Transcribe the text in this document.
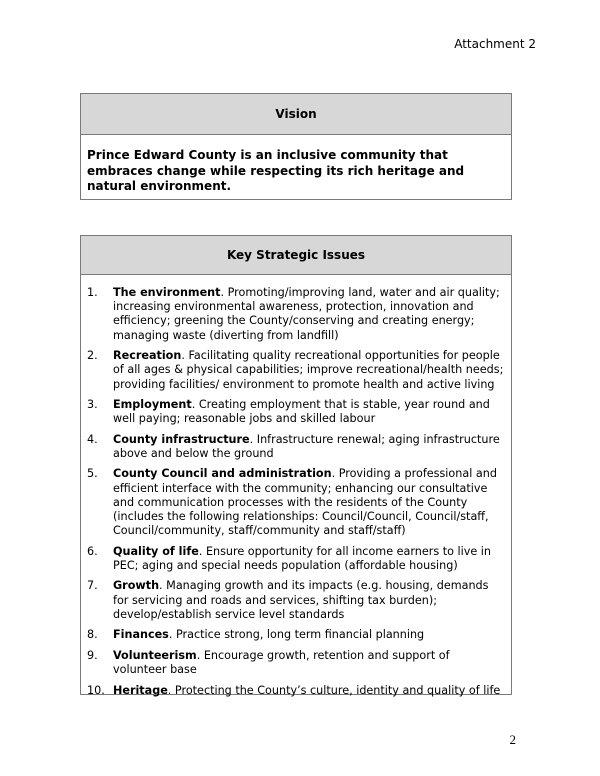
Attachment 2
Vision
Prince Edward County is an inclusive community that embraces change while respecting its rich heritage and natural environment.
Key Strategic Issues
1.	The environment. Promoting/improving land, water and air quality; increasing environmental awareness, protection, innovation and efficiency; greening the County/conserving and creating energy; managing waste (diverting from landfill)
2.	Recreation. Facilitating quality recreational opportunities for people of all ages & physical capabilities; improve recreational/health needs; providing facilities/ environment to promote health and active living
3.	Employment. Creating employment that is stable, year round and well paying; reasonable jobs and skilled labour
4.	County infrastructure. Infrastructure renewal; aging infrastructure above and below the ground
5.	County Council and administration. Providing a professional and efficient interface with the community; enhancing our consultative and communication processes with the residents of the County (includes the following relationships: Council/Council, Council/staff, Council/community, staff/community and staff/staff)
6.	Quality of life. Ensure opportunity for all income earners to live in PEC; aging and special needs population (affordable housing)
7.	Growth. Managing growth and its impacts (e.g. housing, demands for servicing and roads and services, shifting tax burden); develop/establish service level standards
8.	Finances. Practice strong, long term financial planning
9.	Volunteerism. Encourage growth, retention and support of volunteer base
10. Heritage. Protecting the County’s culture, identity and quality of life
2
